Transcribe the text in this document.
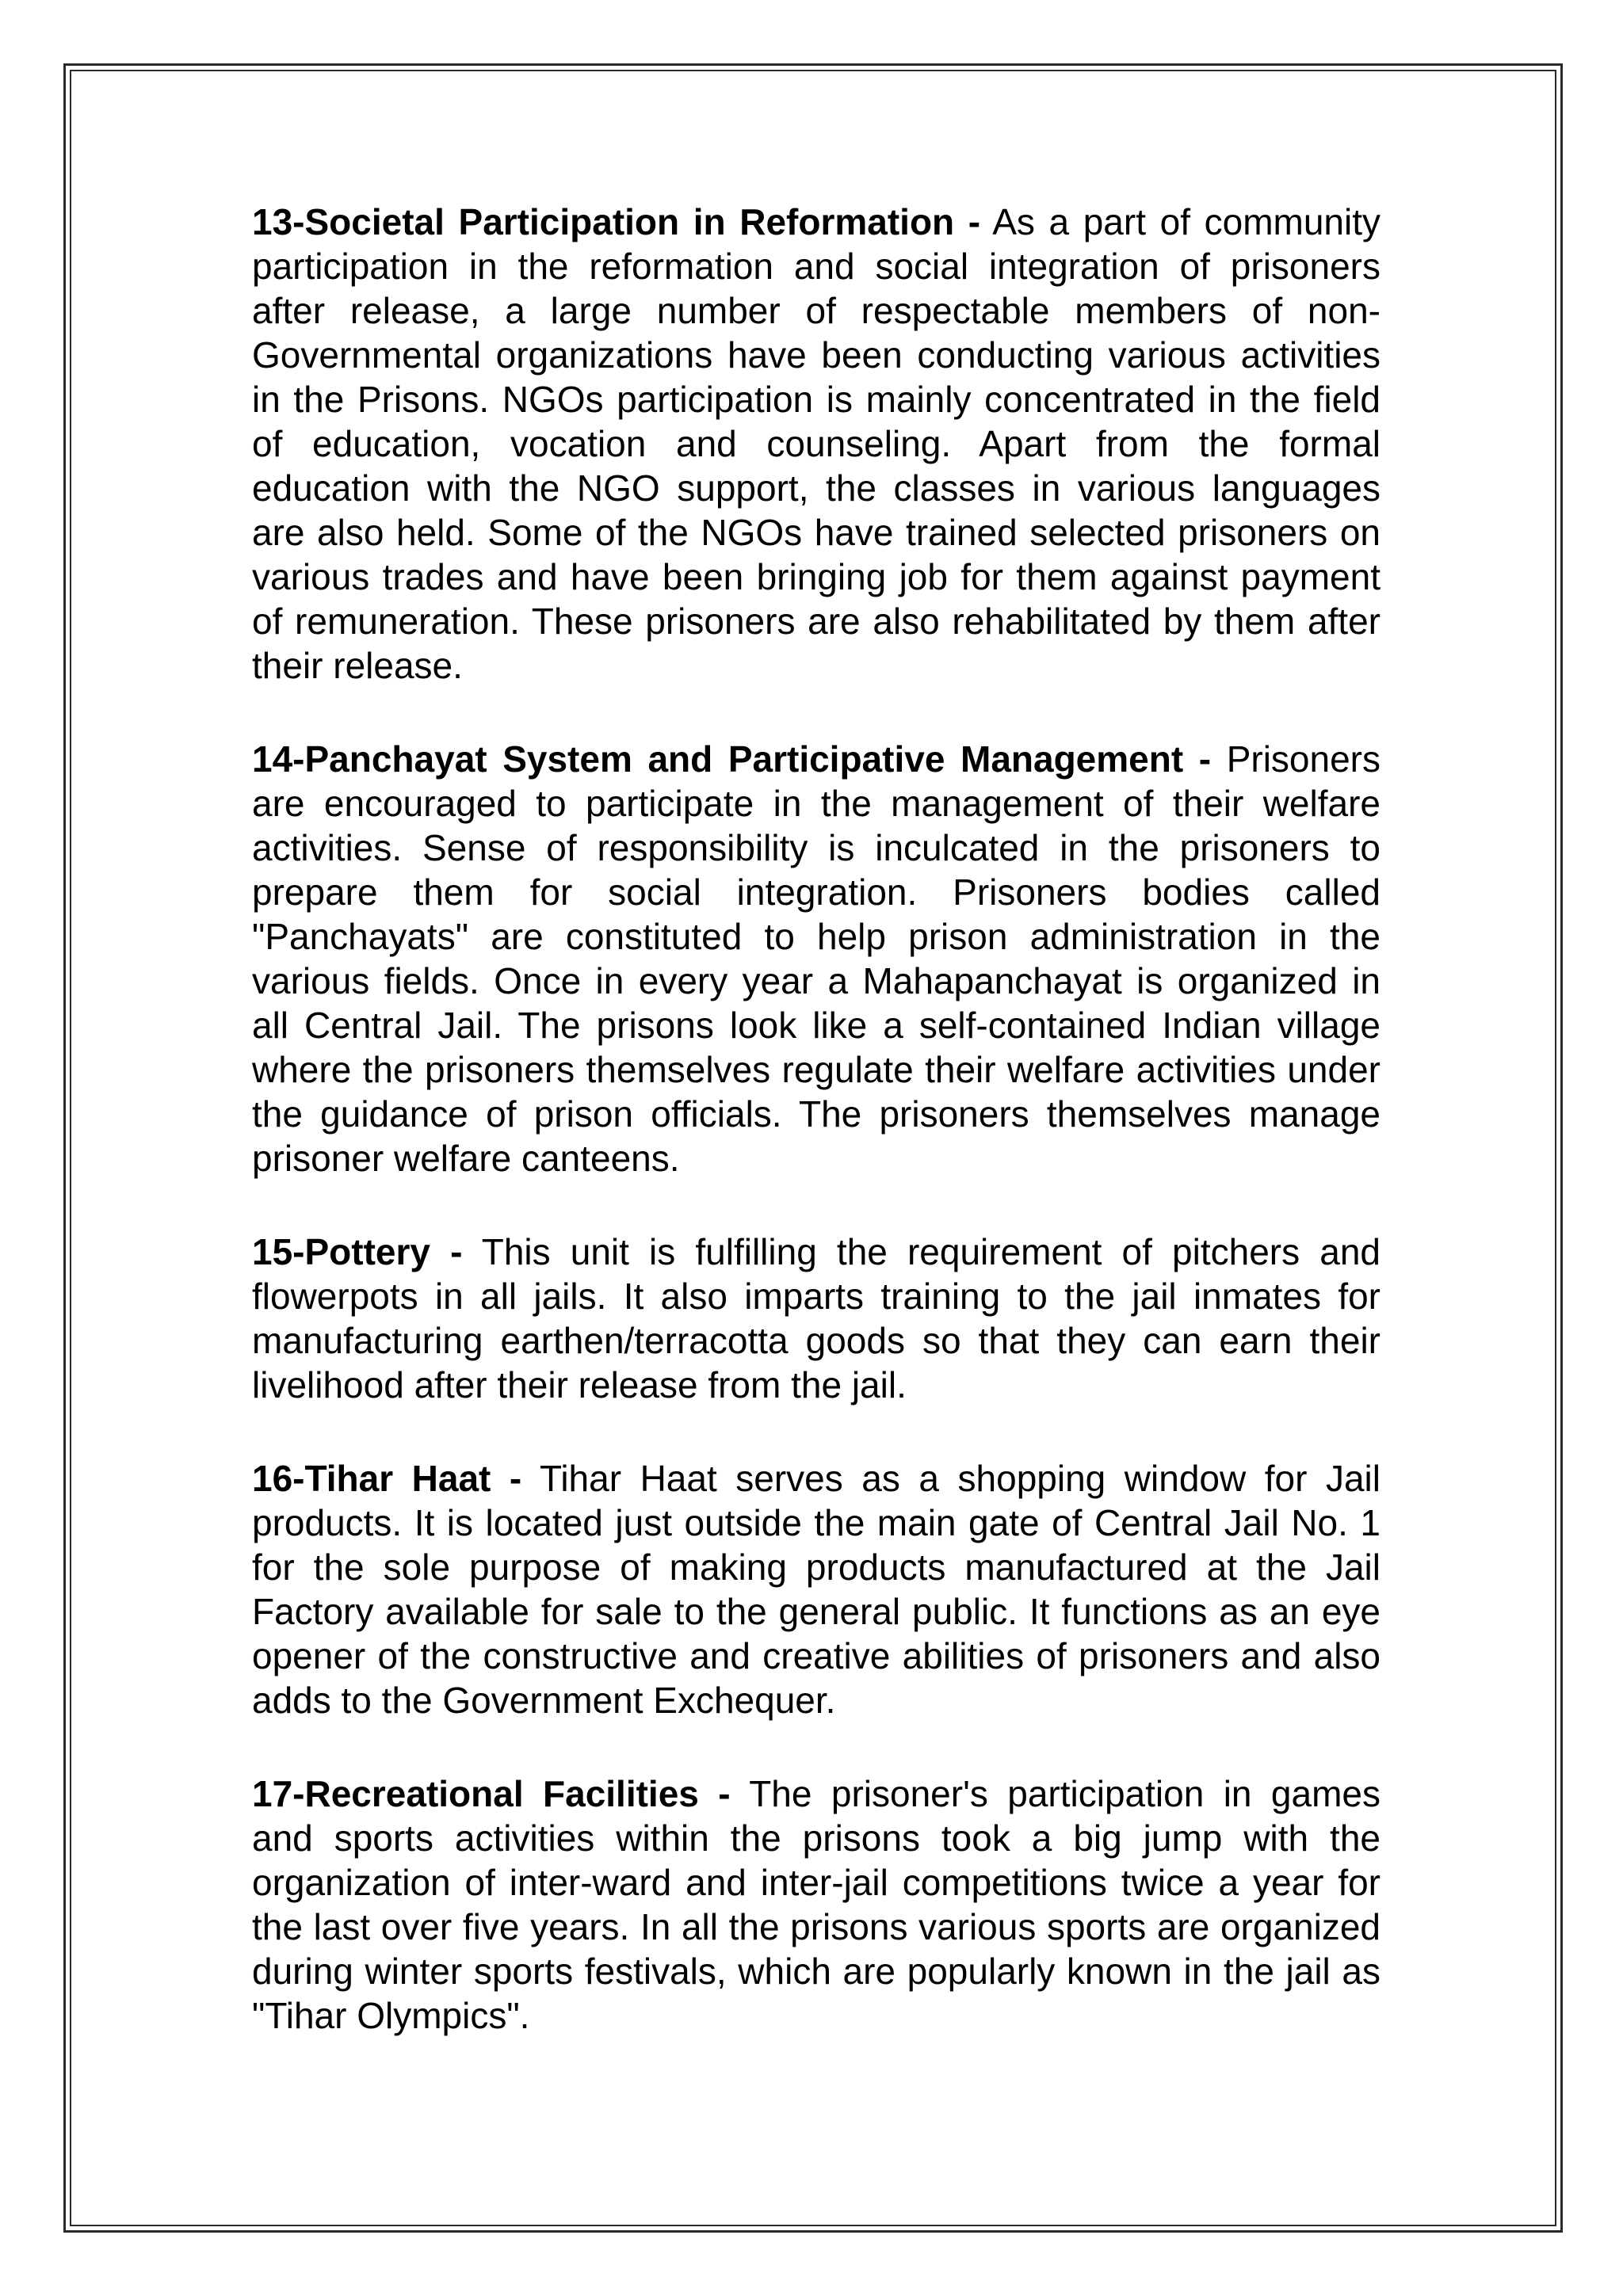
13-Societal Participation in Reformation - As a part of community participation in the reformation and social integration of prisoners after release, a large number of respectable members of non-Governmental organizations have been conducting various activities in the Prisons. NGOs participation is mainly concentrated in the field of education, vocation and counseling. Apart from the formal education with the NGO support, the classes in various languages are also held. Some of the NGOs have trained selected prisoners on various trades and have been bringing job for them against payment of remuneration. These prisoners are also rehabilitated by them after their release.

14-Panchayat System and Participative Management - Prisoners are encouraged to participate in the management of their welfare activities. Sense of responsibility is inculcated in the prisoners to prepare them for social integration. Prisoners bodies called "Panchayats" are constituted to help prison administration in the various fields. Once in every year a Mahapanchayat is organized in all Central Jail. The prisons look like a self-contained Indian village where the prisoners themselves regulate their welfare activities under the guidance of prison officials. The prisoners themselves manage prisoner welfare canteens.

15-Pottery - This unit is fulfilling the requirement of pitchers and flowerpots in all jails. It also imparts training to the jail inmates for manufacturing earthen/terracotta goods so that they can earn their livelihood after their release from the jail.

16-Tihar Haat - Tihar Haat serves as a shopping window for Jail products. It is located just outside the main gate of Central Jail No. 1 for the sole purpose of making products manufactured at the Jail Factory available for sale to the general public. It functions as an eye opener of the constructive and creative abilities of prisoners and also adds to the Government Exchequer.

17-Recreational Facilities - The prisoner's participation in games and sports activities within the prisons took a big jump with the organization of inter-ward and inter-jail competitions twice a year for the last over five years. In all the prisons various sports are organized during winter sports festivals, which are popularly known in the jail as "Tihar Olympics".
